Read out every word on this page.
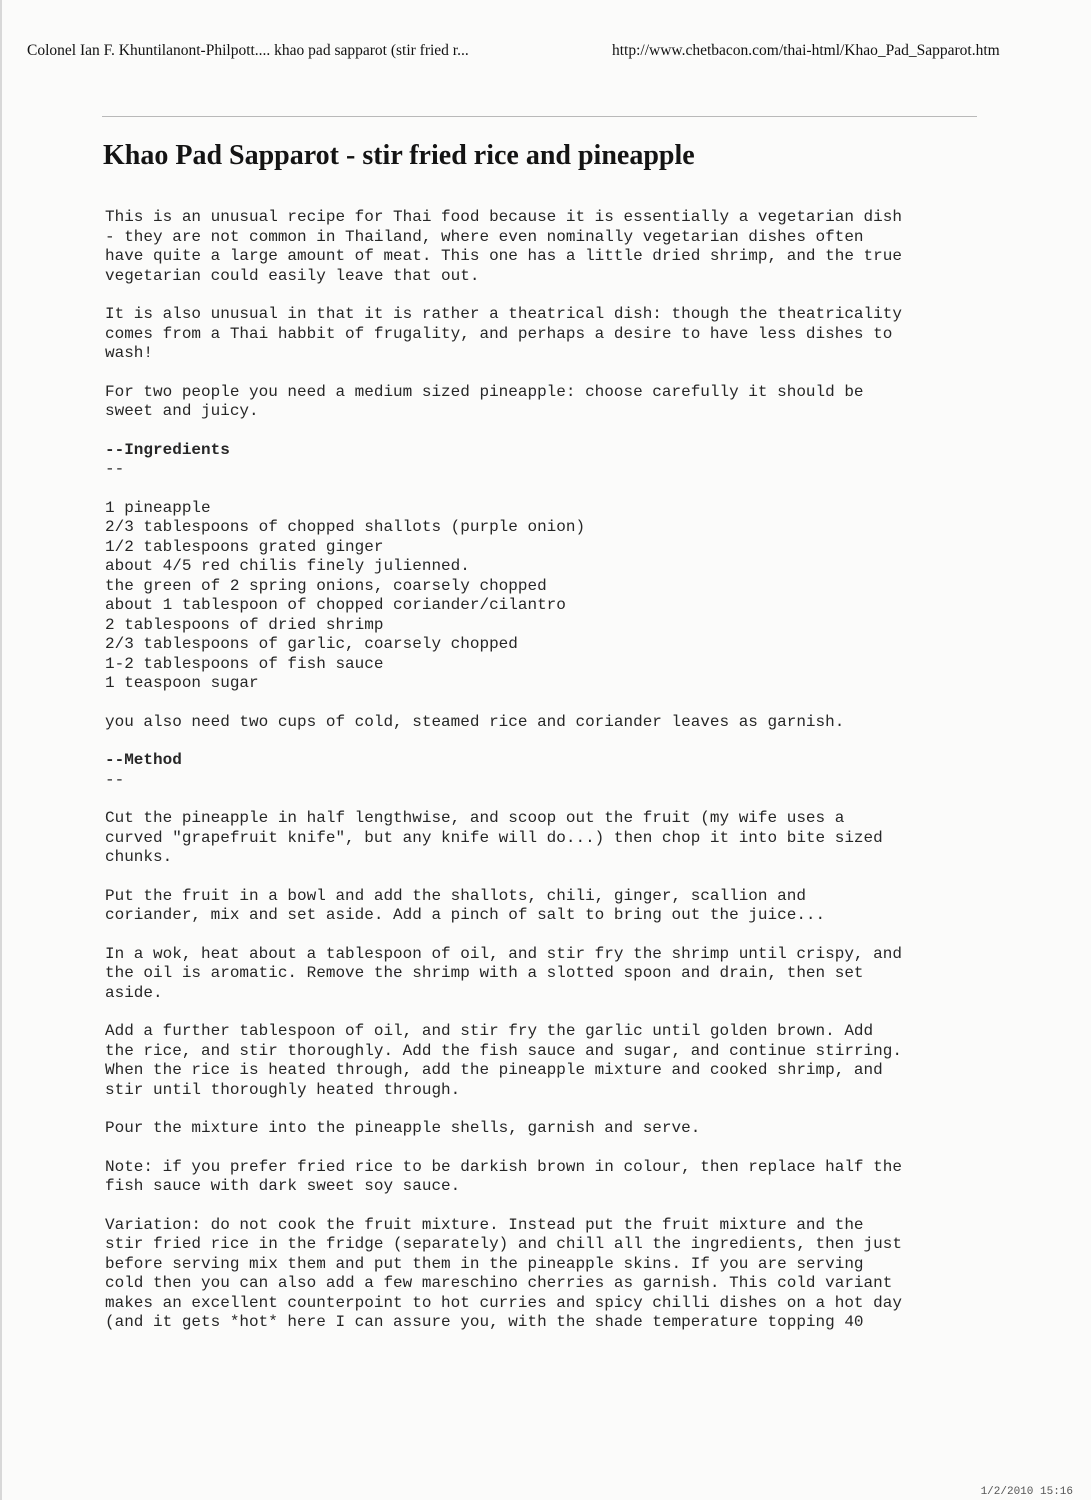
Colonel Ian F. Khuntilanont-Philpott.... khao pad sapparot (stir fried r...	http://www.chetbacon.com/thai-html/Khao_Pad_Sapparot.htm
Khao Pad Sapparot - stir fried rice and pineapple

This is an unusual recipe for Thai food because it is essentially a vegetarian dish - they are not common in Thailand, where even nominally vegetarian dishes often have quite a large amount of meat. This one has a little dried shrimp, and the true vegetarian could easily leave that out.

It is also unusual in that it is rather a theatrical dish: though the theatricality comes from a Thai habbit of frugality, and perhaps a desire to have less dishes to wash!

For two people you need a medium sized pineapple: choose carefully it should be sweet and juicy.

--Ingredients

--

1 pineapple
2/3 tablespoons of chopped shallots (purple onion)
1/2 tablespoons grated ginger
about 4/5 red chilis finely julienned.
the green of 2 spring onions, coarsely chopped
about 1 tablespoon of chopped coriander/cilantro
2 tablespoons of dried shrimp
2/3 tablespoons of garlic, coarsely chopped
1-2 tablespoons of fish sauce
1 teaspoon sugar

you also need two cups of cold, steamed rice and coriander leaves as garnish.

--Method

--

Cut the pineapple in half lengthwise, and scoop out the fruit (my wife uses a curved "grapefruit knife", but any knife will do...) then chop it into bite sized chunks.

Put the fruit in a bowl and add the shallots, chili, ginger, scallion and coriander, mix and set aside. Add a pinch of salt to bring out the juice...

In a wok, heat about a tablespoon of oil, and stir fry the shrimp until crispy, and the oil is aromatic. Remove the shrimp with a slotted spoon and drain, then set aside.

Add a further tablespoon of oil, and stir fry the garlic until golden brown. Add the rice, and stir thoroughly. Add the fish sauce and sugar, and continue stirring. When the rice is heated through, add the pineapple mixture and cooked shrimp, and stir until thoroughly heated through.

Pour the mixture into the pineapple shells, garnish and serve.

Note: if you prefer fried rice to be darkish brown in colour, then replace half the fish sauce with dark sweet soy sauce.

Variation: do not cook the fruit mixture. Instead put the fruit mixture and the stir fried rice in the fridge (separately) and chill all the ingredients, then just before serving mix them and put them in the pineapple skins. If you are serving cold then you can also add a few mareschino cherries as garnish. This cold variant makes an excellent counterpoint to hot curries and spicy chilli dishes on a hot day (and it gets *hot* here I can assure you, with the shade temperature topping 40

1/2/2010 15:16
